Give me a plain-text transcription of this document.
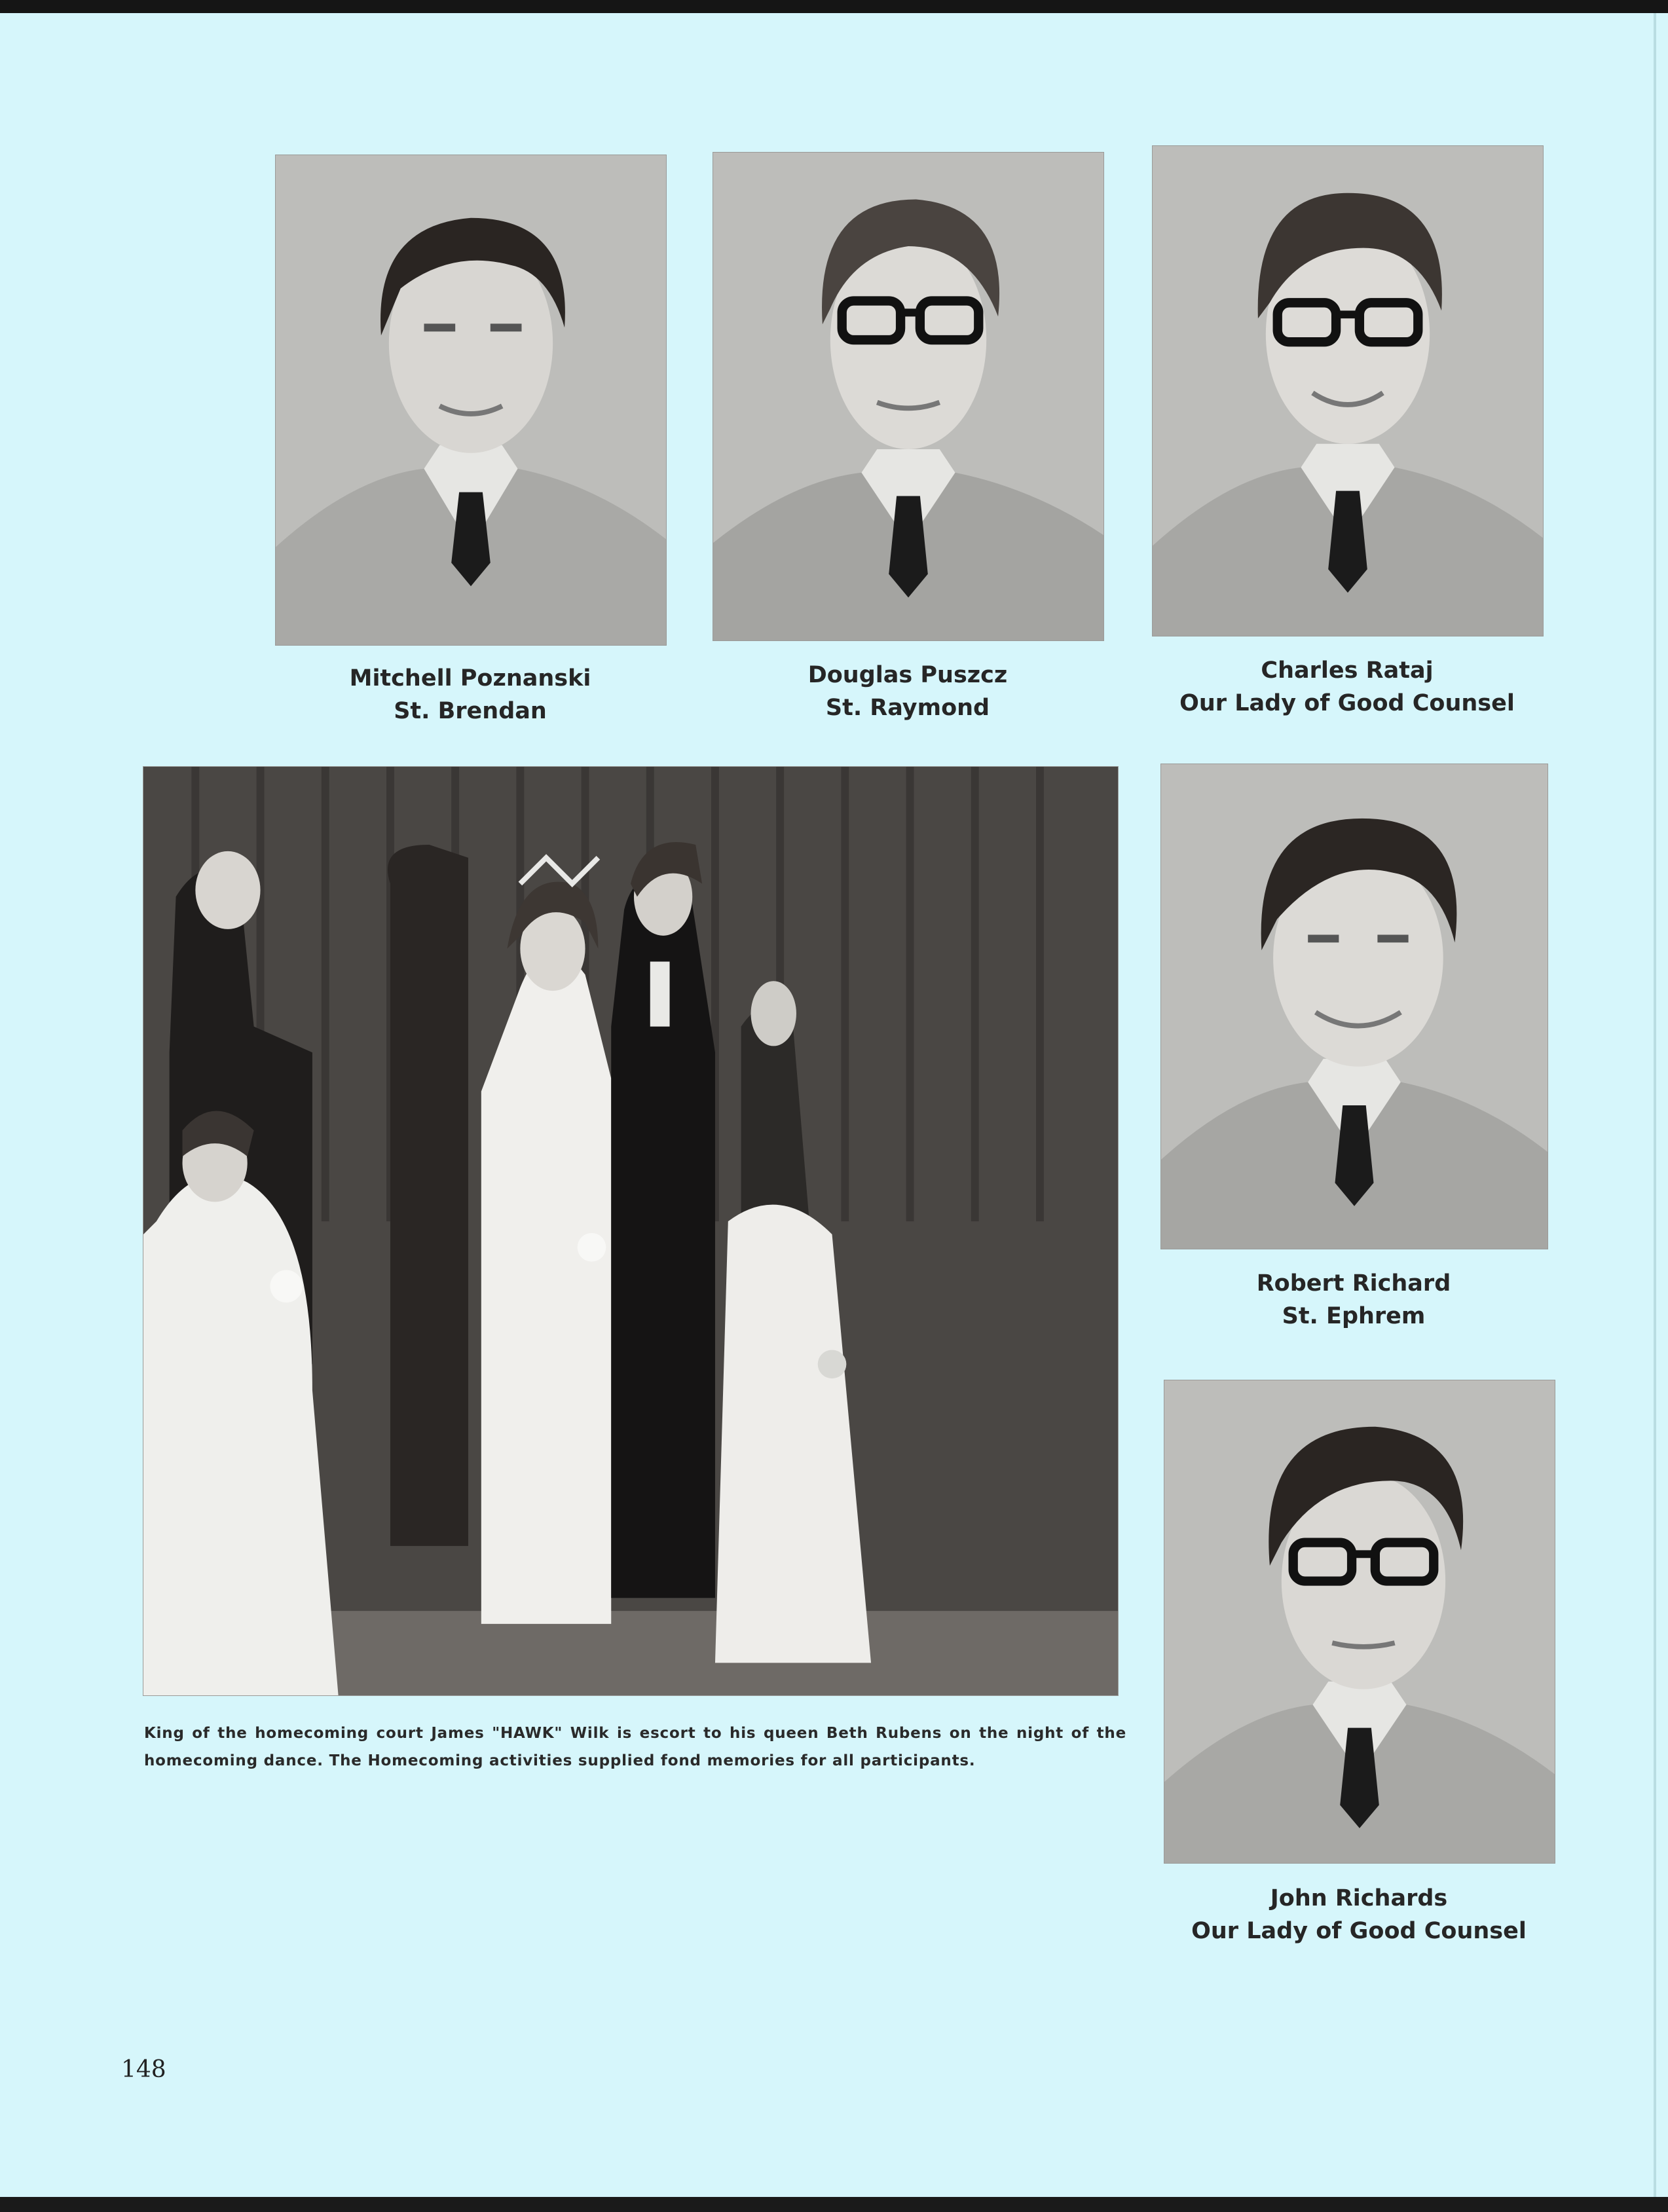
Mitchell Poznanski
St. Brendan
Douglas Puszcz
St. Raymond
Charles Rataj
Our Lady of Good Counsel
King of the homecoming court James "HAWK" Wilk is escort to his queen Beth Rubens on the night of the homecoming dance. The Homecoming activities supplied fond memories for all participants.
Robert Richard
St. Ephrem
John Richards
Our Lady of Good Counsel
148
